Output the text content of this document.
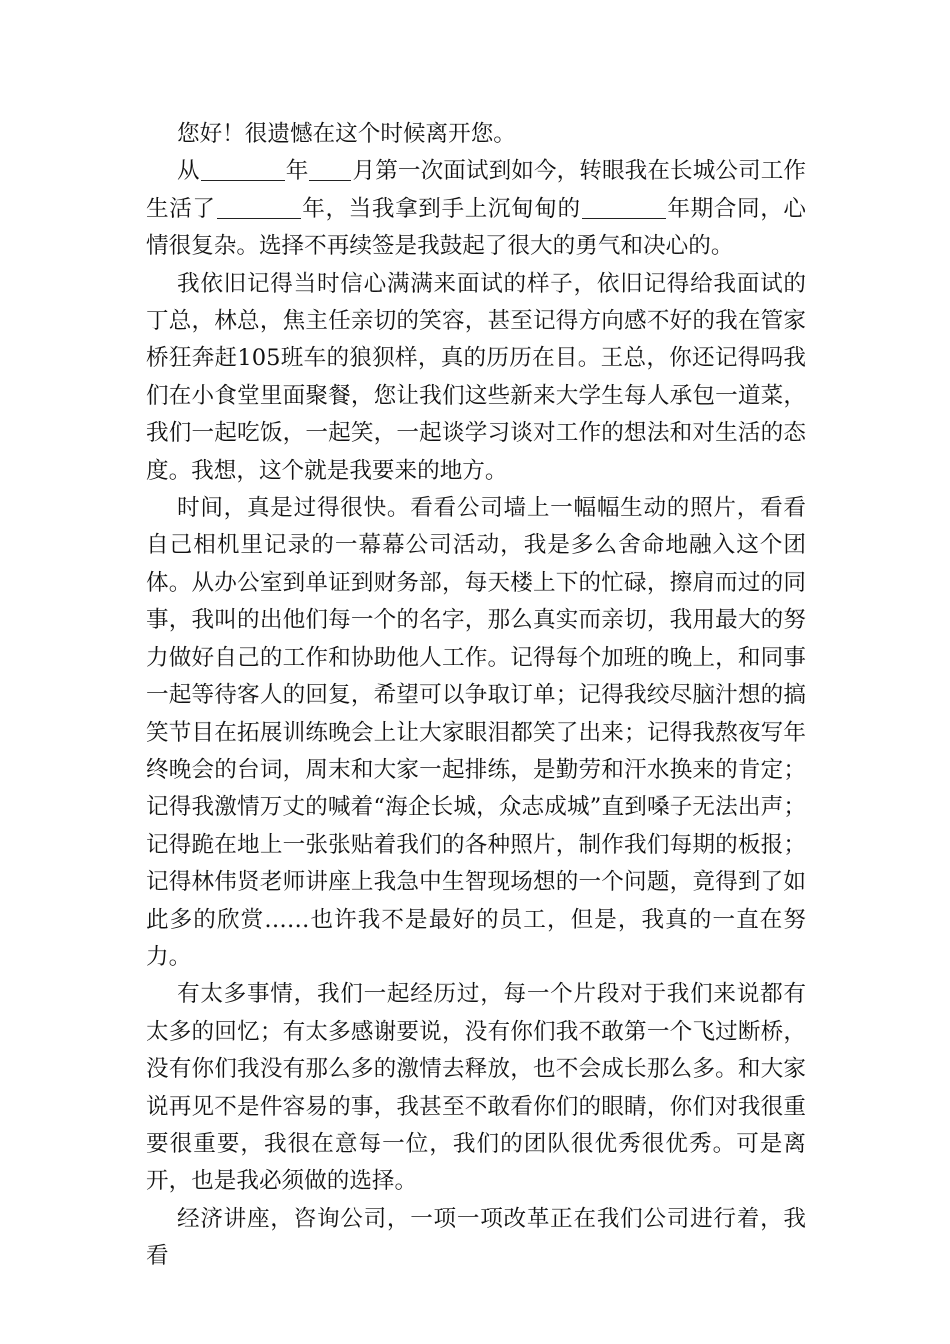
您好！很遗憾在这个时候离开您。

从	年 月第一次面试到如今，转眼我在长城公司工作生活了	年，当我拿到手上沉甸甸的	年期合同，心情很复杂。选择不再续签是我鼓起了很大的勇气和决心的。

我依旧记得当时信心满满来面试的样子，依旧记得给我面试的丁总，林总，焦主任亲切的笑容，甚至记得方向感不好的我在管家桥狂奔赶105班车的狼狈样，真的历历在目。王总，你还记得吗我们在小食堂里面聚餐，您让我们这些新来大学生每人承包一道菜，我们一起吃饭，一起笑，一起谈学习谈对工作的想法和对生活的态度。我想，这个就是我要来的地方。

时间，真是过得很快。看看公司墙上一幅幅生动的照片，看看自己相机里记录的一幕幕公司活动，我是多么舍命地融入这个团体。从办公室到单证到财务部，每天楼上下的忙碌，擦肩而过的同事，我叫的出他们每一个的名字，那么真实而亲切，我用最大的努力做好自己的工作和协助他人工作。记得每个加班的晚上，和同事一起等待客人的回复，希望可以争取订单；记得我绞尽脑汁想的搞笑节目在拓展训练晚会上让大家眼泪都笑了出来；记得我熬夜写年终晚会的台词，周末和大家一起排练，是勤劳和汗水换来的肯定；记得我激情万丈的喊着“海企长城，众志成城”直到嗓子无法出声；记得跪在地上一张张贴着我们的各种照片，制作我们每期的板报；记得林伟贤老师讲座上我急中生智现场想的一个问题，竟得到了如此多的欣赏……也许我不是最好的员工，但是，我真的一直在努力。

有太多事情，我们一起经历过，每一个片段对于我们来说都有太多的回忆；有太多感谢要说，没有你们我不敢第一个飞过断桥，没有你们我没有那么多的激情去释放，也不会成长那么多。和大家说再见不是件容易的事，我甚至不敢看你们的眼睛，你们对我很重要很重要，我很在意每一位，我们的团队很优秀很优秀。可是离开，也是我必须做的选择。

经济讲座，咨询公司，一项一项改革正在我们公司进行着，我看
